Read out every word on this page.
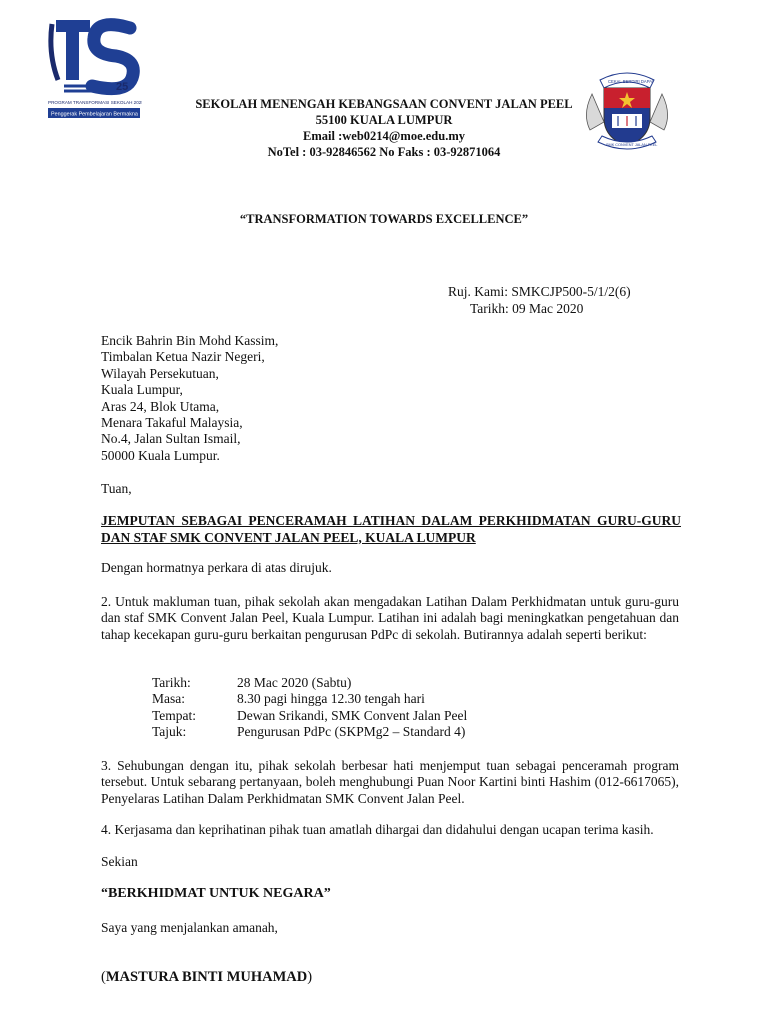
25
PROGRAM TRANSFORMASI SEKOLAH 2025
Penggerak Pembelajaran Bermakna
SEKOLAH MENENGAH KEBANGSAAN CONVENT JALAN PEEL
55100 KUALA LUMPUR
Email :web0214@moe.edu.my
NoTel : 03-92846562 No Faks : 03-92871064
CEKAL BERDIRI DAPAI
SMK CONVENT JALAN PEEL
“TRANSFORMATION TOWARDS EXCELLENCE”
Ruj. Kami: SMKCJP500-5/1/2(6)
Tarikh: 09 Mac 2020
Encik Bahrin Bin Mohd Kassim,
Timbalan Ketua Nazir Negeri,
Wilayah Persekutuan,
Kuala Lumpur,
Aras 24, Blok Utama,
Menara Takaful Malaysia,
No.4, Jalan Sultan Ismail,
50000 Kuala Lumpur.
Tuan,
JEMPUTAN SEBAGAI PENCERAMAH LATIHAN DALAM PERKHIDMATAN GURU-GURU DAN STAF SMK CONVENT JALAN PEEL, KUALA LUMPUR
Dengan hormatnya perkara di atas dirujuk.
2. Untuk makluman tuan, pihak sekolah akan mengadakan Latihan Dalam Perkhidmatan untuk guru-guru dan staf SMK Convent Jalan Peel, Kuala Lumpur. Latihan ini adalah bagi meningkatkan pengetahuan dan tahap kecekapan guru-guru berkaitan pengurusan PdPc di sekolah. Butirannya adalah seperti berikut:
Tarikh:	28 Mac 2020 (Sabtu)
Masa:	8.30 pagi hingga 12.30 tengah hari
Tempat:	Dewan Srikandi, SMK Convent Jalan Peel
Tajuk:	Pengurusan PdPc (SKPMg2 – Standard 4)
3. Sehubungan dengan itu, pihak sekolah berbesar hati menjemput tuan sebagai penceramah program tersebut. Untuk sebarang pertanyaan, boleh menghubungi Puan Noor Kartini binti Hashim (012-6617065), Penyelaras Latihan Dalam Perkhidmatan SMK Convent Jalan Peel.
4. Kerjasama dan keprihatinan pihak tuan amatlah dihargai dan didahului dengan ucapan terima kasih.
Sekian
“BERKHIDMAT UNTUK NEGARA”
Saya yang menjalankan amanah,
(MASTURA BINTI MUHAMAD)
